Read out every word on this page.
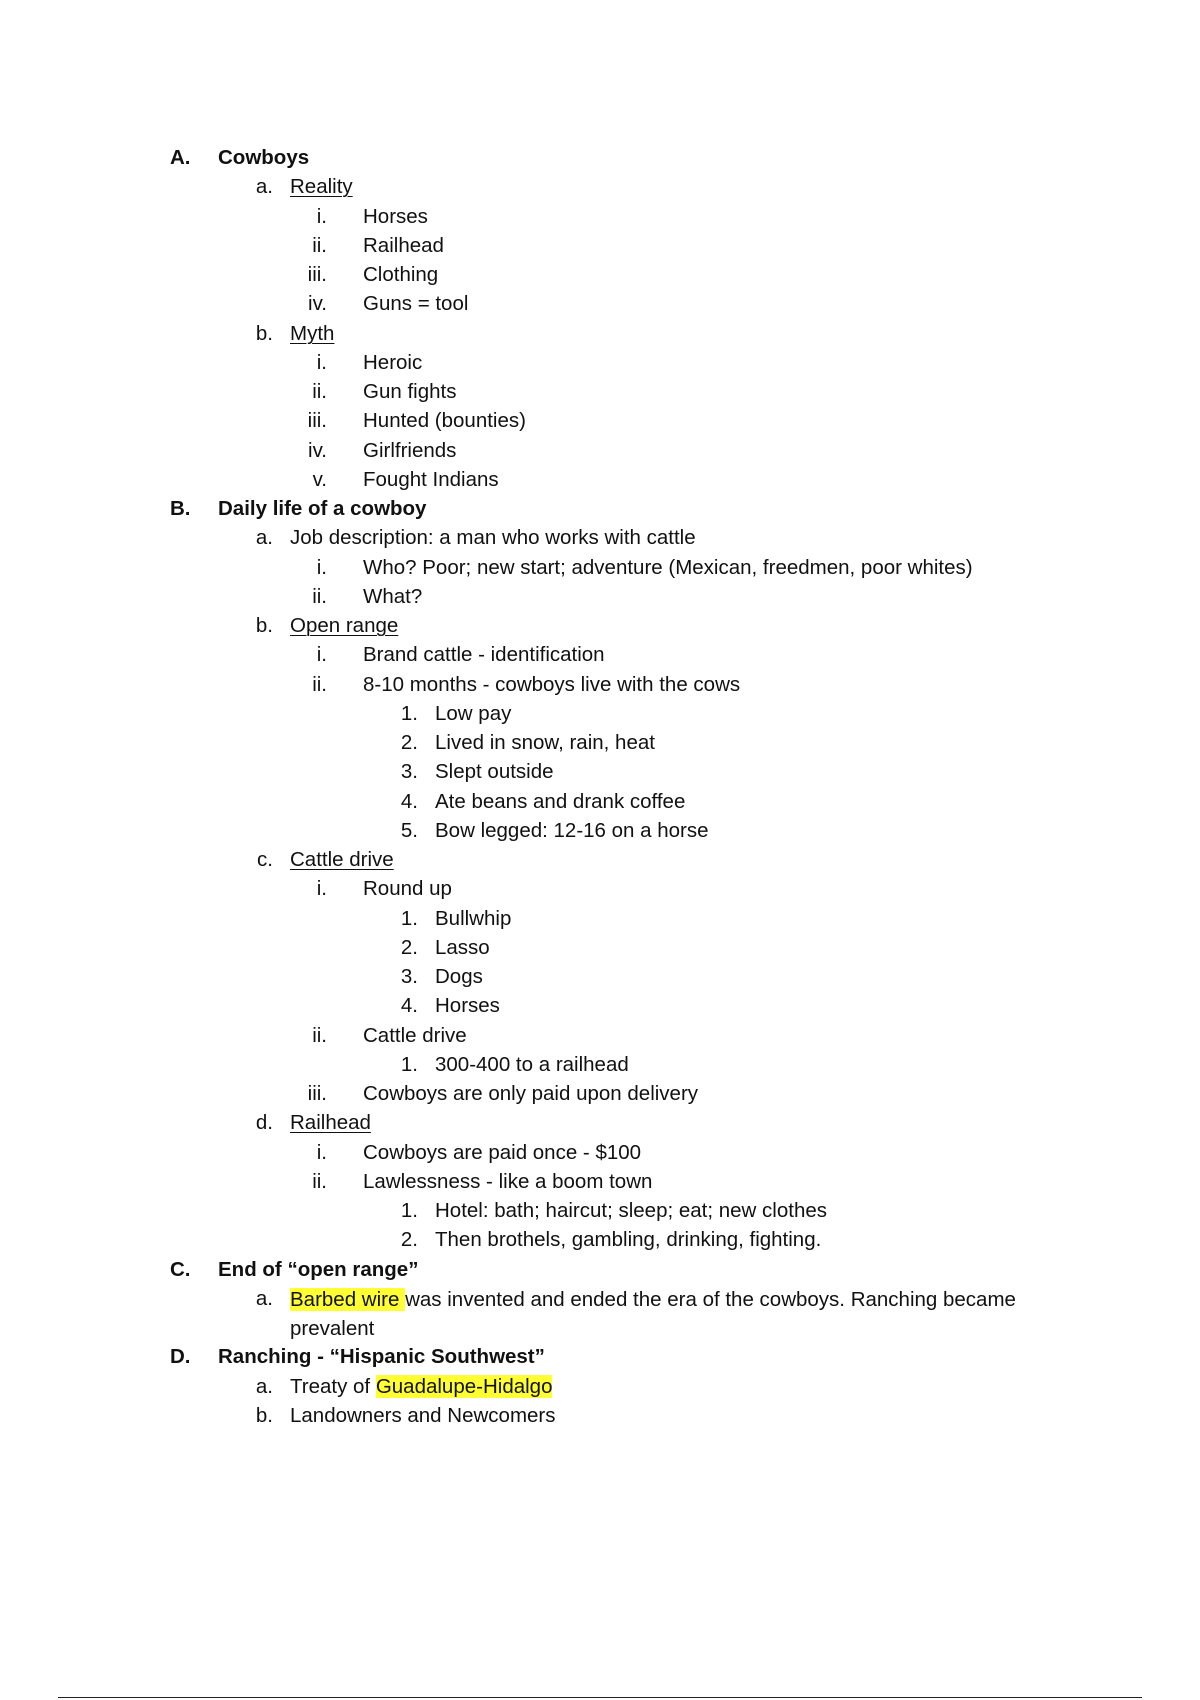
A.	Cowboys
a. Reality
i. Horses
ii. Railhead
iii. Clothing
iv. Guns = tool
b. Myth
i. Heroic
ii. Gun fights
iii. Hunted (bounties)
iv. Girlfriends
v. Fought Indians
B.	Daily life of a cowboy
a. Job description: a man who works with cattle
i. Who? Poor; new start; adventure (Mexican, freedmen, poor whites)
ii. What?
b. Open range
i. Brand cattle - identification
ii. 8-10 months - cowboys live with the cows
1. Low pay
2. Lived in snow, rain, heat
3. Slept outside
4. Ate beans and drank coffee
5. Bow legged: 12-16 on a horse
c. Cattle drive
i. Round up
1. Bullwhip
2. Lasso
3. Dogs
4. Horses
ii. Cattle drive
1. 300-400 to a railhead
iii. Cowboys are only paid upon delivery
d. Railhead
i. Cowboys are paid once - $100
ii. Lawlessness - like a boom town
1. Hotel: bath; haircut; sleep; eat; new clothes
2. Then brothels, gambling, drinking, fighting.
C.	End of “open range”
a. Barbed wire was invented and ended the era of the cowboys. Ranching became prevalent
D.	Ranching - “Hispanic Southwest”
a. Treaty of Guadalupe-Hidalgo
b. Landowners and Newcomers
